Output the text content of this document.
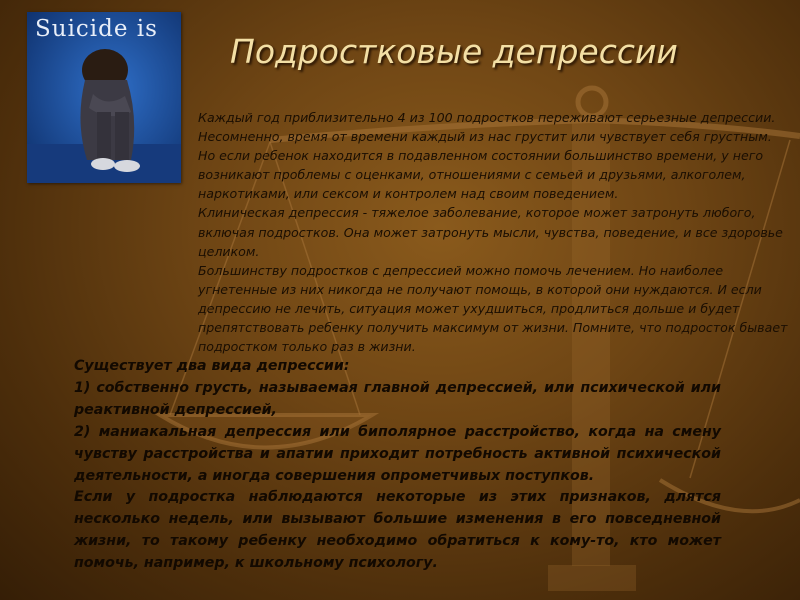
Suicide is
Подростковые депрессии

Каждый год приблизительно 4 из 100 подростков переживают серьезные депрессии. Несомненно, время от времени каждый из нас грустит или чувствует себя грустным. Но если ребенок находится в подавленном состоянии большинство времени, у него возникают проблемы с оценками, отношениями с семьей и друзьями, алкоголем, наркотиками, или сексом и контролем над своим поведением.

Клиническая депрессия - тяжелое заболевание, которое может затронуть любого, включая подростков. Она может затронуть мысли, чувства, поведение, и все здоровье целиком.

Большинству подростков с депрессией можно помочь лечением. Но наиболее угнетенные из них никогда не получают помощь, в которой они нуждаются. И если депрессию не лечить, ситуация может ухудшиться, продлиться дольше и будет препятствовать ребенку получить максимум от жизни. Помните, что подросток бывает подростком только раз в жизни.

Существует два вида депрессии:

1) собственно грусть, называемая главной депрессией, или психической или реактивной депрессией,

2) маниакальная депрессия или биполярное расстройство, когда на смену чувству расстройства и апатии приходит потребность активной психической деятельности, а иногда совершения опрометчивых поступков.

Если у подростка наблюдаются некоторые из этих признаков, длятся несколько недель, или вызывают большие изменения в его повседневной жизни, то такому ребенку необходимо обратиться к кому-то, кто может помочь, например, к школьному психологу.
